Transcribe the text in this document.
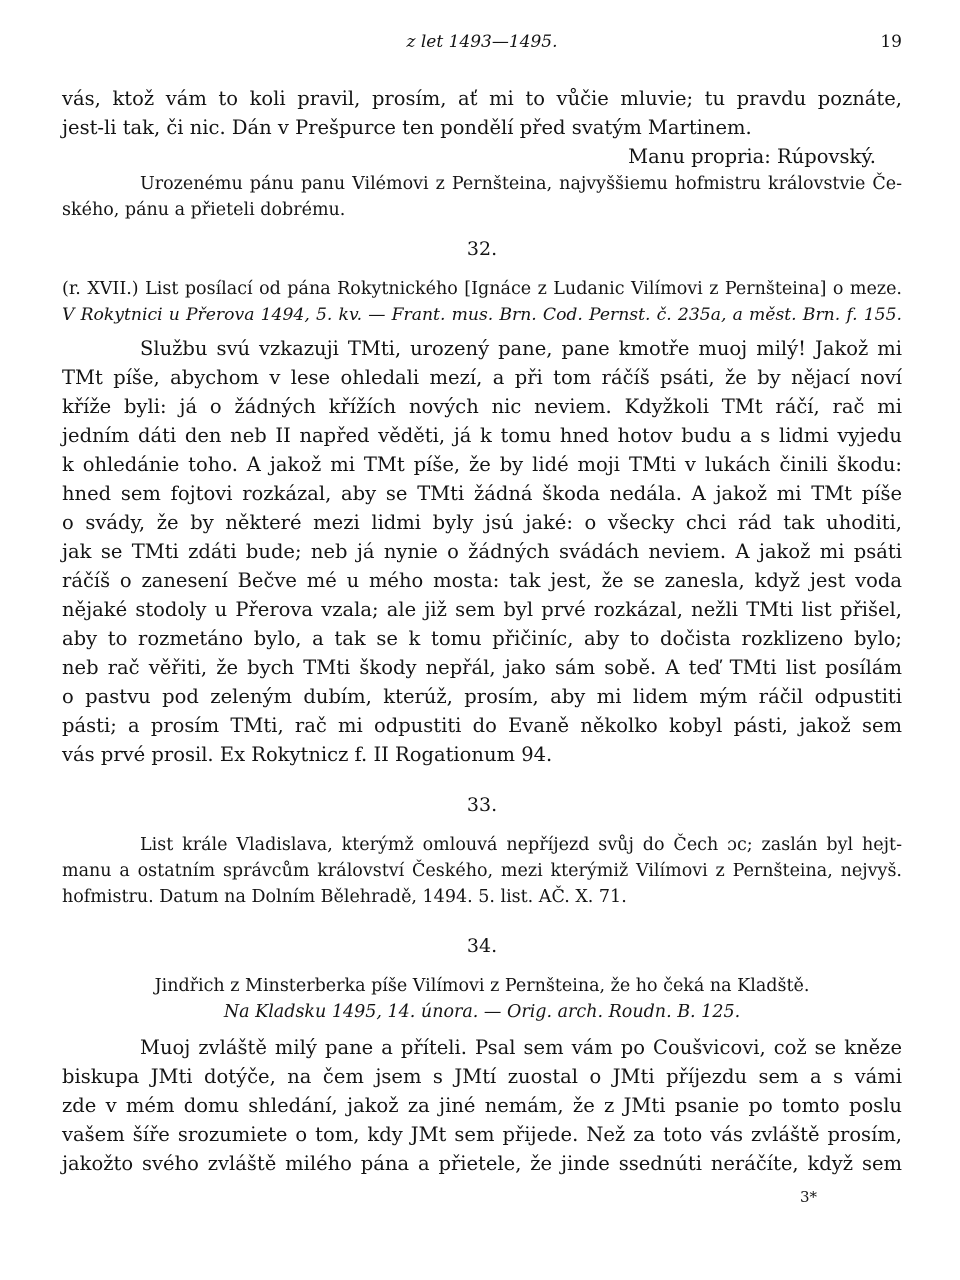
z let 1493—1495.	19
vás, ktož vám to koli pravil, prosím, ať mi to vůčie mluvie; tu pravdu poznáte,
jest-li tak, či nic. Dán v Prešpurce ten pondělí před svatým Martinem.
Manu propria: Rúpovský.
Urozenému pánu panu Vilémovi z Pernšteina, najvyššiemu hofmistru královstvie Če-
ského, pánu a přieteli dobrému.
32.
(r. XVII.) List posílací od pána Rokytnického [Ignáce z Ludanic Vilímovi z Pernšteina] o meze.
V Rokytnici u Přerova 1494, 5. kv. — Frant. mus. Brn. Cod. Pernst. č. 235a, a měst. Brn. f. 155.
Službu svú vzkazuji TMti, urozený pane, pane kmotře muoj milý! Jakož mi
TMt píše, abychom v lese ohledali mezí, a při tom ráčíš psáti, že by nějací noví
kříže byli: já o žádných křížích nových nic neviem. Kdyžkoli TMt ráčí, rač mi
jedním dáti den neb II napřed věděti, já k tomu hned hotov budu a s lidmi vyjedu
k ohledánie toho. A jakož mi TMt píše, že by lidé moji TMti v lukách činili škodu:
hned sem fojtovi rozkázal, aby se TMti žádná škoda nedála. A jakož mi TMt píše
o svády, že by některé mezi lidmi byly jsú jaké: o všecky chci rád tak uhoditi,
jak se TMti zdáti bude; neb já nynie o žádných svádách neviem. A jakož mi psáti
ráčíš o zanesení Bečve mé u mého mosta: tak jest, že se zanesla, když jest voda
nějaké stodoly u Přerova vzala; ale již sem byl prvé rozkázal, nežli TMti list přišel,
aby to rozmetáno bylo, a tak se k tomu přičiníc, aby to dočista rozklizeno bylo;
neb rač věřiti, že bych TMti škody nepřál, jako sám sobě. A teď TMti list posílám
o pastvu pod zeleným dubím, kterúž, prosím, aby mi lidem mým ráčil odpustiti
pásti; a prosím TMti, rač mi odpustiti do Evaně několko kobyl pásti, jakož sem
vás prvé prosil. Ex Rokytnicz f. II Rogationum 94.
33.
List krále Vladislava, kterýmž omlouvá nepříjezd svůj do Čech ɔc; zaslán byl hejt-
manu a ostatním správcům království Českého, mezi kterýmiž Vilímovi z Pernšteina, nejvyš.
hofmistru. Datum na Dolním Bělehradě, 1494. 5. list. AČ. X. 71.
34.
Jindřich z Minsterberka píše Vilímovi z Pernšteina, že ho čeká na Kladště.
Na Kladsku 1495, 14. února. — Orig. arch. Roudn. B. 125.
Muoj zvláště milý pane a příteli. Psal sem vám po Coušvicovi, což se kněze
biskupa JMti dotýče, na čem jsem s JMtí zuostal o JMti příjezdu sem a s vámi
zde v mém domu shledání, jakož za jiné nemám, že z JMti psanie po tomto poslu
vašem šíře srozumiete o tom, kdy JMt sem přijede. Než za toto vás zvláště prosím,
jakožto svého zvláště milého pána a přietele, že jinde ssednúti neráčíte, když sem
3*
